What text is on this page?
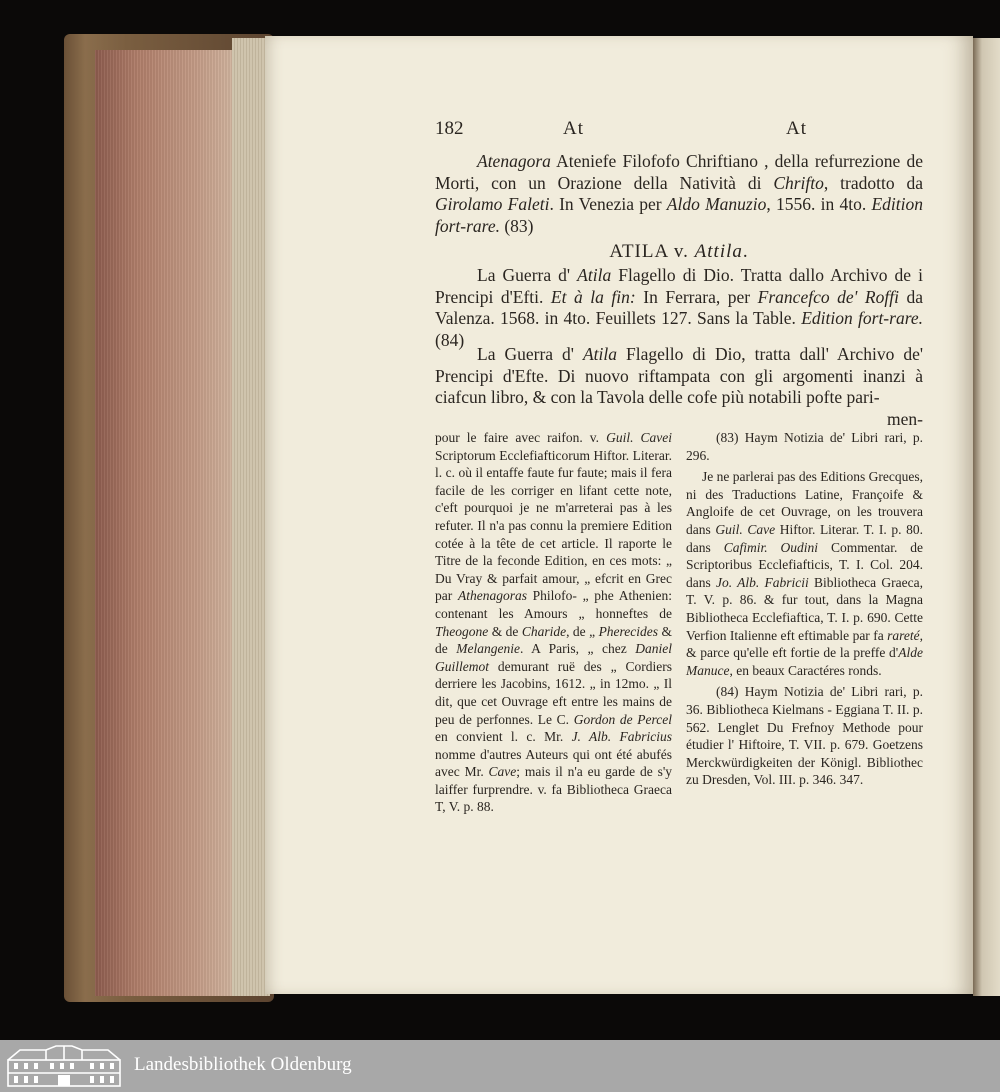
182	At	At

Atenagora Ateniefe Filofofo Chriftiano , della refurrezione de Morti, con un Orazione della Natività di Chrifto, tradotto da Girolamo Faleti. In Venezia per Aldo Manuzio, 1556. in 4to. Edition fort-rare. (83)

ATILA v. Attila.

La Guerra d' Atila Flagello di Dio. Tratta dallo Archivo de i Prencipi d'Efti. Et à la fin: In Ferrara, per Francefco de' Roffi da Valenza. 1568. in 4to. Feuillets 127. Sans la Table. Edition fort-rare. (84)

La Guerra d' Atila Flagello di Dio, tratta dall' Archivo de' Prencipi d'Efte. Di nuovo riftampata con gli argomenti inanzi à ciafcun libro, & con la Tavola delle cofe più notabili pofte pari-

men-

pour le faire avec raifon. v. Guil. Cavei Scriptorum Ecclefiafticorum Hiftor. Literar. l. c. où il entaffe faute fur faute; mais il fera facile de les corriger en lifant cette note, c'eft pourquoi je ne m'arreterai pas à les refuter. Il n'a pas connu la premiere Edition cotée à la tête de cet article. Il raporte le Titre de la feconde Edition, en ces mots: „ Du Vray & parfait amour, „ efcrit en Grec par Athenagoras Philofo- „ phe Athenien: contenant les Amours „ honneftes de Theogone & de Charide, de „ Pherecides & de Melangenie. A Paris, „ chez Daniel Guillemot demurant ruë des „ Cordiers derriere les Jacobins, 1612. „ in 12mo. „ Il dit, que cet Ouvrage eft entre les mains de peu de perfonnes. Le C. Gordon de Percel en convient l. c. Mr. J. Alb. Fabricius nomme d'autres Auteurs qui ont été abufés avec Mr. Cave; mais il n'a eu garde de s'y laiffer furprendre. v. fa Bibliotheca Graeca T, V. p. 88.

(83) Haym Notizia de' Libri rari, p. 296.

Je ne parlerai pas des Editions Grecques, ni des Traductions Latine, Françoife & Angloife de cet Ouvrage, on les trouvera dans Guil. Cave Hiftor. Literar. T. I. p. 80. dans Cafimir. Oudini Commentar. de Scriptoribus Ecclefiafticis, T. I. Col. 204. dans Jo. Alb. Fabricii Bibliotheca Graeca, T. V. p. 86. & fur tout, dans la Magna Bibliotheca Ecclefiaftica, T. I. p. 690. Cette Verfion Italienne eft eftimable par fa rareté, & parce qu'elle eft fortie de la preffe d'Alde Manuce, en beaux Caractéres ronds.

(84) Haym Notizia de' Libri rari, p. 36. Bibliotheca Kielmans - Eggiana T. II. p. 562. Lenglet Du Frefnoy Methode pour étudier l' Hiftoire, T. VII. p. 679. Goetzens Merckwürdigkeiten der Königl. Bibliothec zu Dresden, Vol. III. p. 346. 347.

Landesbibliothek Oldenburg
